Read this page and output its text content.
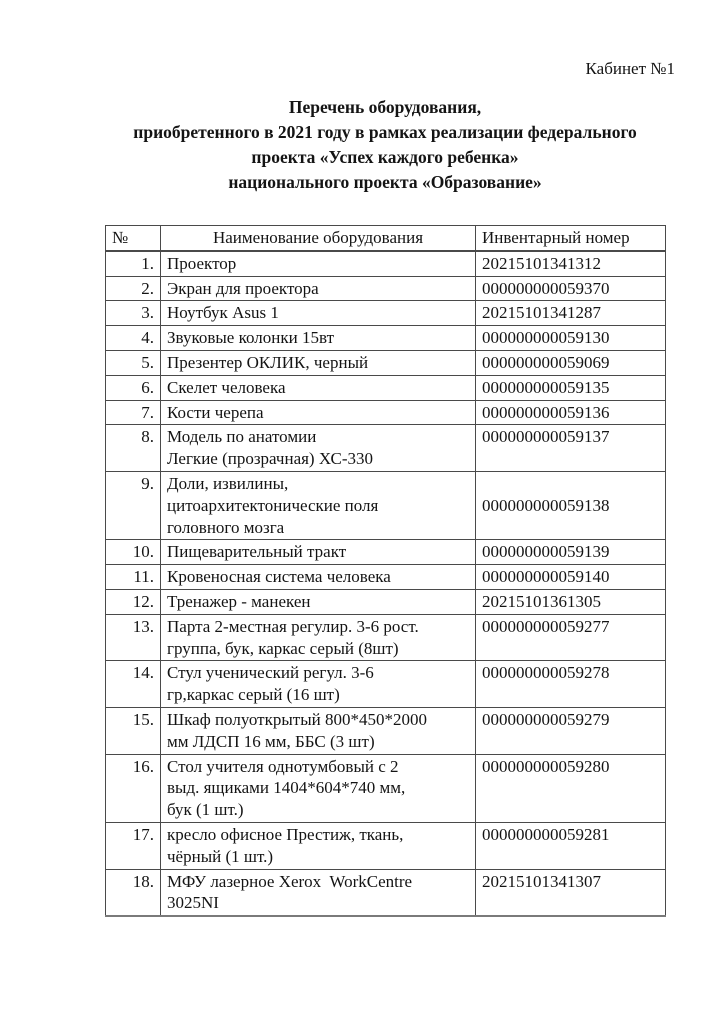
Кабинет №1
Перечень оборудования,
приобретенного в 2021 году в рамках реализации федерального
проекта «Успех каждого ребенка»
национального проекта «Образование»
№	Наименование оборудования	Инвентарный номер
1.	Проектор	20215101341312
2.	Экран для проектора	000000000059370
3.	Ноутбук Asus 1	20215101341287
4.	Звуковые колонки 15вт	000000000059130
5.	Презентер ОКЛИК, черный	000000000059069
6.	Скелет человека	000000000059135
7.	Кости черепа	000000000059136
8.	Модель по анатомии
Легкие (прозрачная) ХС-330	000000000059137
9.	Доли, извилины,
цитоархитектонические поля
головного мозга	000000000059138
10.	Пищеварительный тракт	000000000059139
11.	Кровеносная система человека	000000000059140
12.	Тренажер - манекен	20215101361305
13.	Парта 2-местная регулир. 3-6 рост.
группа, бук, каркас серый (8шт)	000000000059277
14.	Стул ученический регул. 3-6
гр,каркас серый (16 шт)	000000000059278
15.	Шкаф полуоткрытый 800*450*2000
мм ЛДСП 16 мм, ББС (3 шт)	000000000059279
16.	Стол учителя однотумбовый с 2
выд. ящиками 1404*604*740 мм,
бук (1 шт.)	000000000059280
17.	кресло офисное Престиж, ткань,
чёрный (1 шт.)	000000000059281
18.	МФУ лазерное Xerox  WorkCentre
3025NI	20215101341307
